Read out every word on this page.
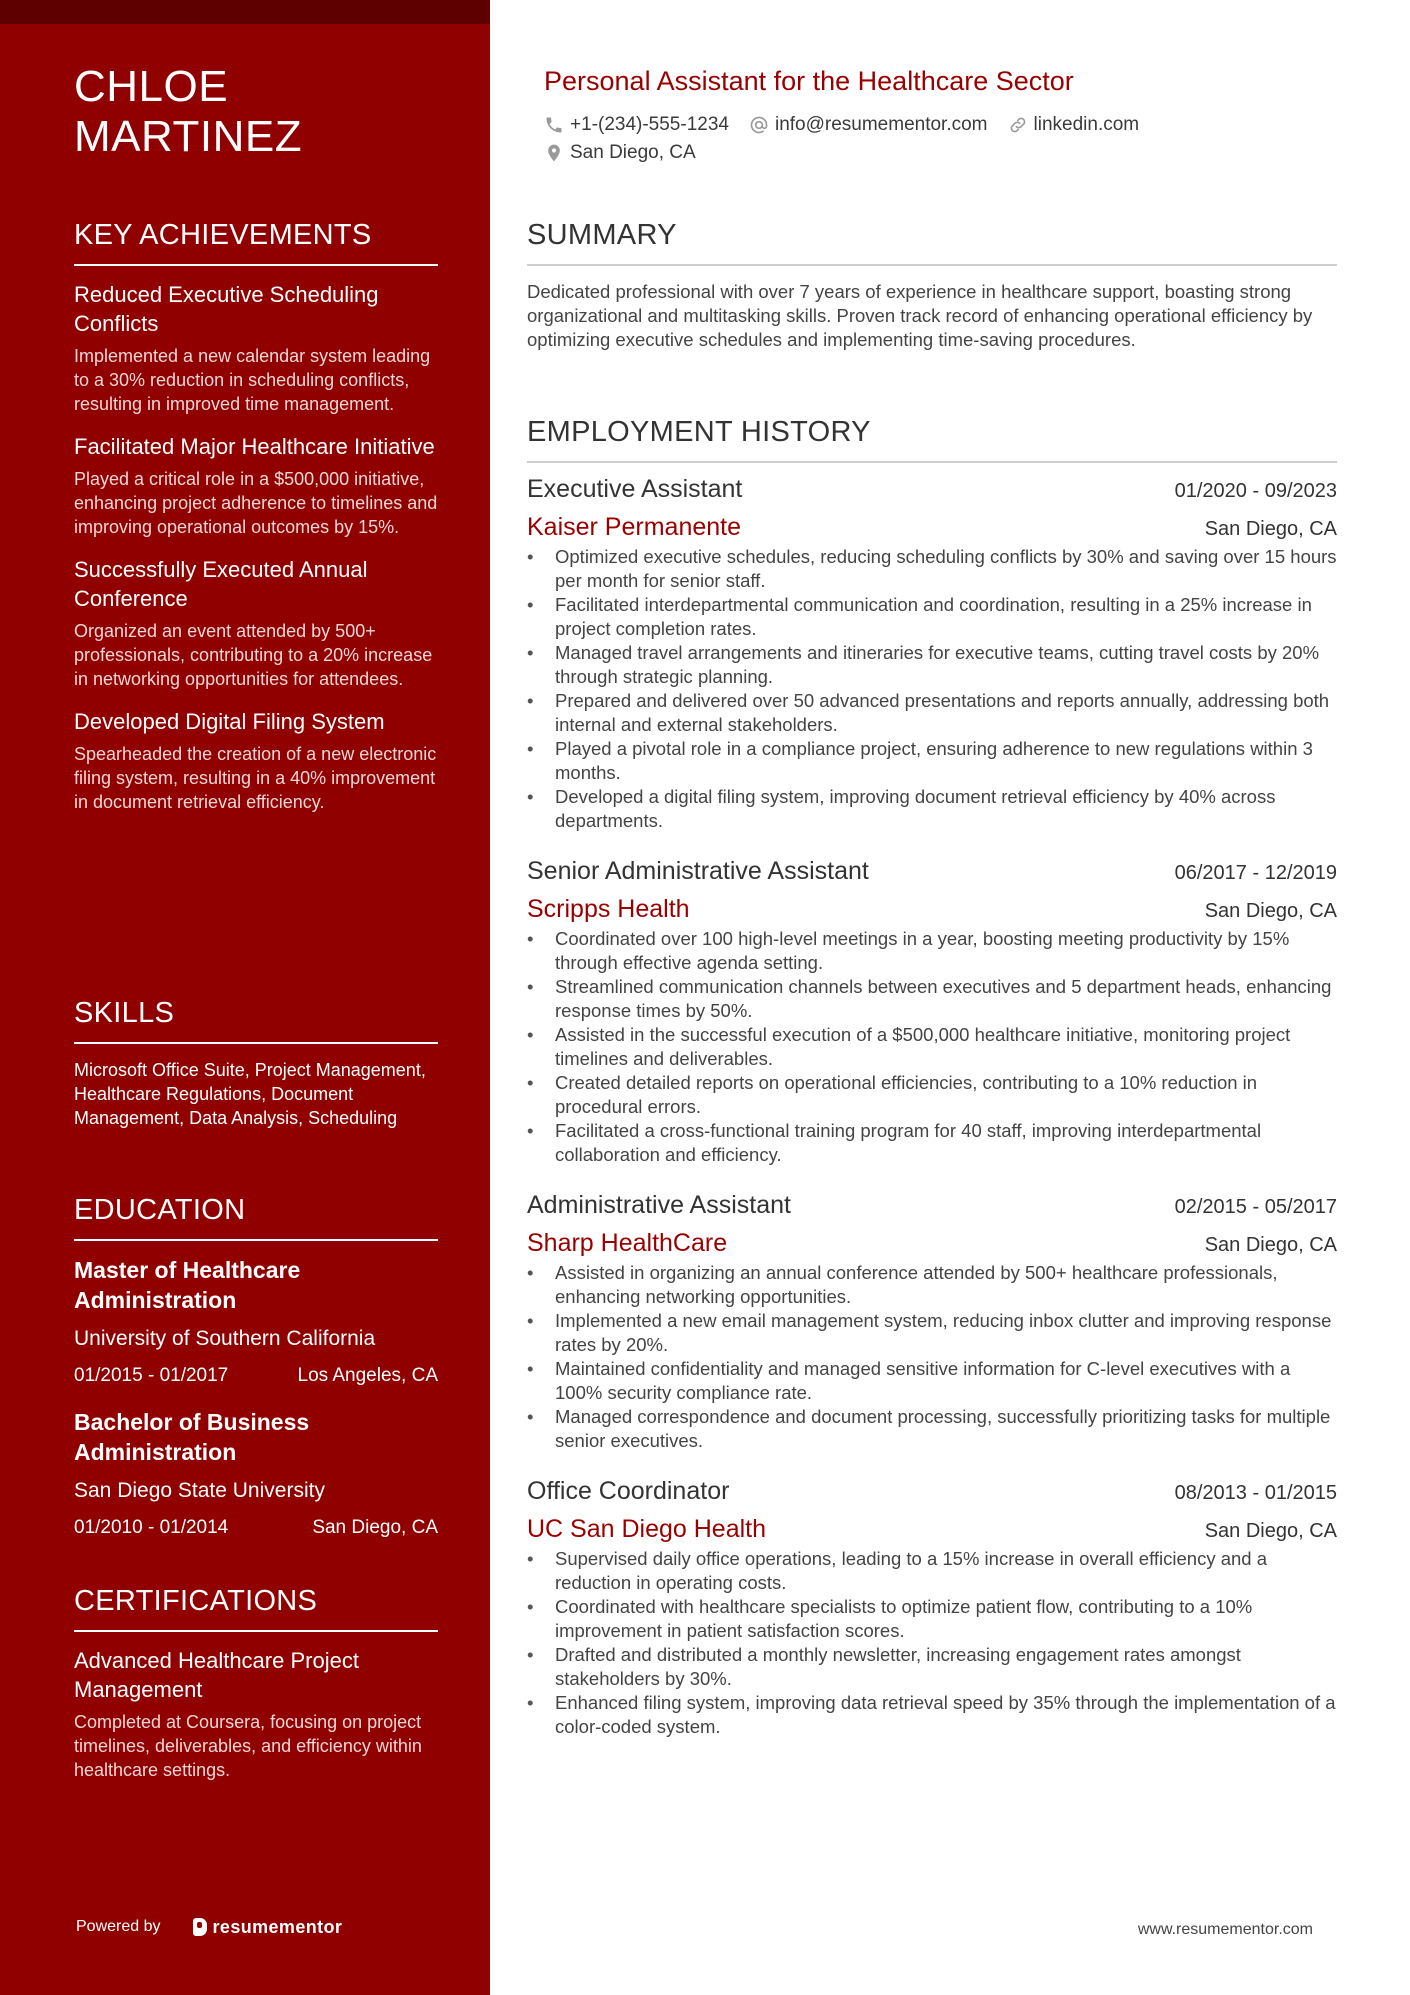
CHLOE MARTINEZ
KEY ACHIEVEMENTS
Reduced Executive Scheduling Conflicts
Implemented a new calendar system leading to a 30% reduction in scheduling conflicts, resulting in improved time management.
Facilitated Major Healthcare Initiative
Played a critical role in a $500,000 initiative, enhancing project adherence to timelines and improving operational outcomes by 15%.
Successfully Executed Annual Conference
Organized an event attended by 500+ professionals, contributing to a 20% increase in networking opportunities for attendees.
Developed Digital Filing System
Spearheaded the creation of a new electronic filing system, resulting in a 40% improvement in document retrieval efficiency.
SKILLS
Microsoft Office Suite, Project Management, Healthcare Regulations, Document Management, Data Analysis, Scheduling
EDUCATION
Master of Healthcare Administration
University of Southern California
01/2015 - 01/2017	Los Angeles, CA
Bachelor of Business Administration
San Diego State University
01/2010 - 01/2014	San Diego, CA
CERTIFICATIONS
Advanced Healthcare Project Management
Completed at Coursera, focusing on project timelines, deliverables, and efficiency within healthcare settings.
Powered by	resumementor
Personal Assistant for the Healthcare Sector
+1-(234)-555-1234 info@resumementor.com linkedin.com
San Diego, CA
SUMMARY
Dedicated professional with over 7 years of experience in healthcare support, boasting strong organizational and multitasking skills. Proven track record of enhancing operational efficiency by optimizing executive schedules and implementing time-saving procedures.
EMPLOYMENT HISTORY
Executive Assistant	01/2020 - 09/2023
Kaiser Permanente	San Diego, CA
• Optimized executive schedules, reducing scheduling conflicts by 30% and saving over 15 hours per month for senior staff.
• Facilitated interdepartmental communication and coordination, resulting in a 25% increase in project completion rates.
• Managed travel arrangements and itineraries for executive teams, cutting travel costs by 20% through strategic planning.
• Prepared and delivered over 50 advanced presentations and reports annually, addressing both internal and external stakeholders.
• Played a pivotal role in a compliance project, ensuring adherence to new regulations within 3 months.
• Developed a digital filing system, improving document retrieval efficiency by 40% across departments.
Senior Administrative Assistant	06/2017 - 12/2019
Scripps Health	San Diego, CA
• Coordinated over 100 high-level meetings in a year, boosting meeting productivity by 15% through effective agenda setting.
• Streamlined communication channels between executives and 5 department heads, enhancing response times by 50%.
• Assisted in the successful execution of a $500,000 healthcare initiative, monitoring project timelines and deliverables.
• Created detailed reports on operational efficiencies, contributing to a 10% reduction in procedural errors.
• Facilitated a cross-functional training program for 40 staff, improving interdepartmental collaboration and efficiency.
Administrative Assistant	02/2015 - 05/2017
Sharp HealthCare	San Diego, CA
• Assisted in organizing an annual conference attended by 500+ healthcare professionals, enhancing networking opportunities.
• Implemented a new email management system, reducing inbox clutter and improving response rates by 20%.
• Maintained confidentiality and managed sensitive information for C-level executives with a 100% security compliance rate.
• Managed correspondence and document processing, successfully prioritizing tasks for multiple senior executives.
Office Coordinator	08/2013 - 01/2015
UC San Diego Health	San Diego, CA
• Supervised daily office operations, leading to a 15% increase in overall efficiency and a reduction in operating costs.
• Coordinated with healthcare specialists to optimize patient flow, contributing to a 10% improvement in patient satisfaction scores.
• Drafted and distributed a monthly newsletter, increasing engagement rates amongst stakeholders by 30%.
• Enhanced filing system, improving data retrieval speed by 35% through the implementation of a color-coded system.
www.resumementor.com
